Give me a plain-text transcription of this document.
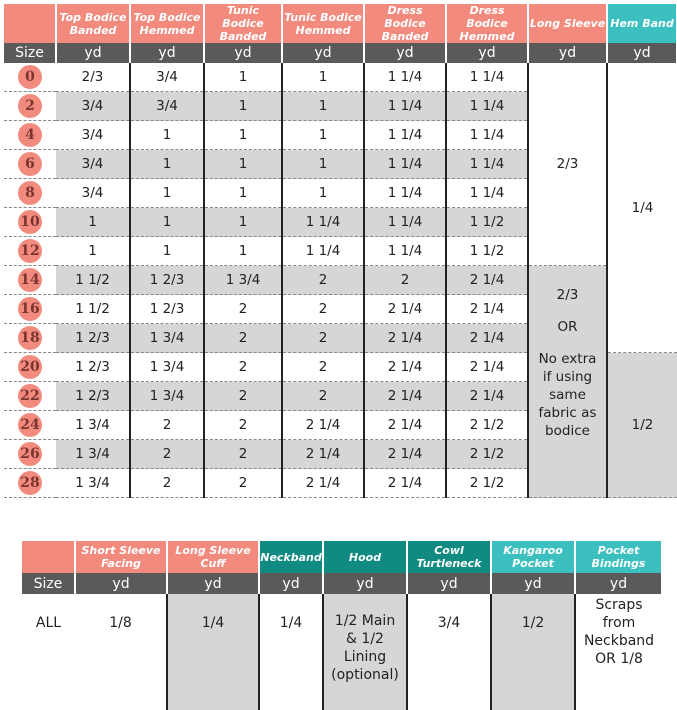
	Top Bodice Banded	Top Bodice Hemmed	Tunic Bodice Banded	Tunic Bodice Hemmed	Dress Bodice Banded	Dress Bodice Hemmed	Long Sleeve	Hem Band
Size	yd	yd	yd	yd	yd	yd	yd	yd
0	2/3	3/4	1	1	1 1/4	1 1/4	2/3	1/4
2	3/4	3/4	1	1	1 1/4	1 1/4		
4	3/4	1	1	1	1 1/4	1 1/4		
6	3/4	1	1	1	1 1/4	1 1/4		
8	3/4	1	1	1	1 1/4	1 1/4		
10	1	1	1	1 1/4	1 1/4	1 1/2		
12	1	1	1	1 1/4	1 1/4	1 1/2		
14	1 1/2	1 2/3	1 3/4	2	2	2 1/4	2/3
OR
No extra if using same fabric as bodice	

16	1 1/2	1 2/3	2	2	2 1/4	2 1/4		
18	1 2/3	1 3/4	2	2	2 1/4	2 1/4		
20	1 2/3	1 3/4	2	2	2 1/4	2 1/4		1/2
22	1 2/3	1 3/4	2	2	2 1/4	2 1/4		
24	1 3/4	2	2	2 1/4	2 1/4	2 1/2		
26	1 3/4	2	2	2 1/4	2 1/4	2 1/2		
28	1 3/4	2	2	2 1/4	2 1/4	2 1/2		
	Short Sleeve Facing	Long Sleeve Cuff	Neckband	Hood	Cowl Turtleneck	Kangaroo Pocket	Pocket Bindings
Size	yd	yd	yd	yd	yd	yd	yd
ALL	1/8	1/4	1/4	1/2 Main & 1/2 Lining (optional)	3/4	1/2	Scraps from Neckband OR 1/8
